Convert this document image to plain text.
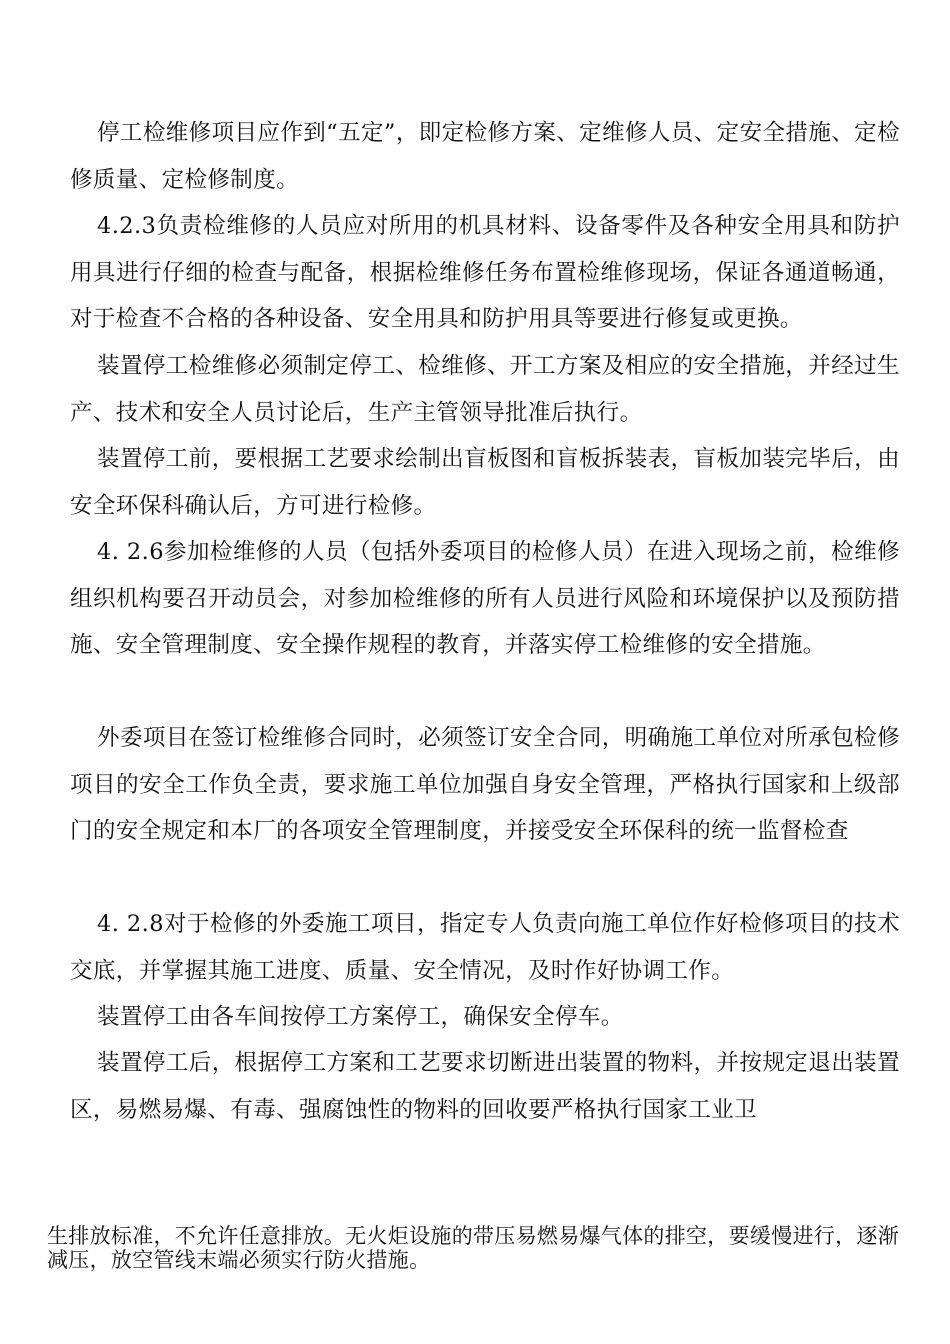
停工检维修项目应作到“五定”，即定检修方案、定维修人员、定安全措施、定检修质量、定检修制度。

4.2.3负责检维修的人员应对所用的机具材料、设备零件及各种安全用具和防护用具进行仔细的检查与配备，根据检维修任务布置检维修现场，保证各通道畅通，对于检查不合格的各种设备、安全用具和防护用具等要进行修复或更换。

装置停工检维修必须制定停工、检维修、开工方案及相应的安全措施，并经过生产、技术和安全人员讨论后，生产主管领导批准后执行。

装置停工前，要根据工艺要求绘制出盲板图和盲板拆装表，盲板加装完毕后，由安全环保科确认后，方可进行检修。

4. 2.6参加检维修的人员（包括外委项目的检修人员）在进入现场之前，检维修组织机构要召开动员会，对参加检维修的所有人员进行风险和环境保护以及预防措施、安全管理制度、安全操作规程的教育，并落实停工检维修的安全措施。

外委项目在签订检维修合同时，必须签订安全合同，明确施工单位对所承包检修项目的安全工作负全责，要求施工单位加强自身安全管理，严格执行国家和上级部门的安全规定和本厂的各项安全管理制度，并接受安全环保科的统一监督检查

4. 2.8对于检修的外委施工项目，指定专人负责向施工单位作好检修项目的技术交底，并掌握其施工进度、质量、安全情况，及时作好协调工作。

装置停工由各车间按停工方案停工，确保安全停车。

装置停工后，根据停工方案和工艺要求切断进出装置的物料，并按规定退出装置区，易燃易爆、有毒、强腐蚀性的物料的回收要严格执行国家工业卫

生排放标准，不允许任意排放。无火炬设施的带压易燃易爆气体的排空，要缓慢进行，逐渐减压，放空管线末端必须实行防火措施。
